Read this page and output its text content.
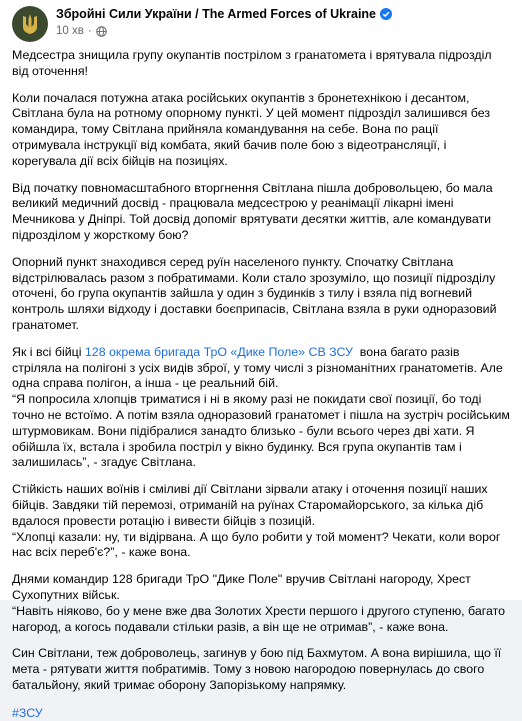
Збройні Сили України / The Armed Forces of Ukraine
10 хв ·

Медсестра знищила групу окупантів пострілом з гранатомета і врятувала підрозділ від оточення!

Коли почалася потужна атака російських окупантів з бронетехнікою і десантом, Світлана була на ротному опорному пункті. У цей момент підрозділ залишився без командира, тому Світлана прийняла командування на себе. Вона по рації отримувала інструкції від комбата, який бачив поле бою з відеотрансляції, і корегувала дії всіх бійців на позиціях.

Від початку повномасштабного вторгнення Світлана пішла добровольцею, бо мала великий медичний досвід - працювала медсестрою у реанімації лікарні імені Мечникова у Дніпрі. Той досвід допоміг врятувати десятки життів, але командувати підрозділом у жорсткому бою?

Опорний пункт знаходився серед руїн населеного пункту. Спочатку Світлана відстрілювалась разом з побратимами. Коли стало зрозуміло, що позиції підрозділу оточені, бо група окупантів зайшла у один з будинків з тилу і взяла під вогневий контроль шляхи відходу і доставки боєприпасів, Світлана взяла в руки одноразовий гранатомет.

Як і всі бійці 128 окрема бригада ТрО «Дике Поле» СВ ЗСУ  вона багато разів стріляла на полігоні з усіх видів зброї, у тому числі з різноманітних гранатометів. Але одна справа полігон, а інша - це реальний бій.
“Я попросила хлопців триматися і ні в якому разі не покидати свої позиції, бо тоді точно не встоїмо. А потім взяла одноразовий гранатомет і пішла на зустріч російським штурмовикам. Вони підібралися занадто близько - були всього через дві хати. Я обійшла їх, встала і зробила постріл у вікно будинку. Вся група окупантів там і залишилась”, - згадує Світлана.

Стійкість наших воїнів і сміливі дії Світлани зірвали атаку і оточення позиції наших бійців. Завдяки тій перемозі, отриманій на руїнах Старомайорського, за кілька діб вдалося провести ротацію і вивести бійців з позицій.
“Хлопці казали: ну, ти відірвана. А що було робити у той момент? Чекати, коли ворог нас всіх переб'є?”, - каже вона.

Днями командир 128 бригади ТрО "Дике Поле" вручив Світлані нагороду, Хрест Сухопутних військ.
“Навіть ніяково, бо у мене вже два Золотих Хрести першого і другого ступеню, багато нагород, а когось подавали стільки разів, а він ще не отримав”, - каже вона.

Син Світлани, теж доброволець, загинув у бою під Бахмутом. А вона вирішила, що її мета - рятувати життя побратимів. Тому з новою нагородою повернулась до свого батальйону, який тримає оборону Запорізькому напрямку.

#ЗСУ
